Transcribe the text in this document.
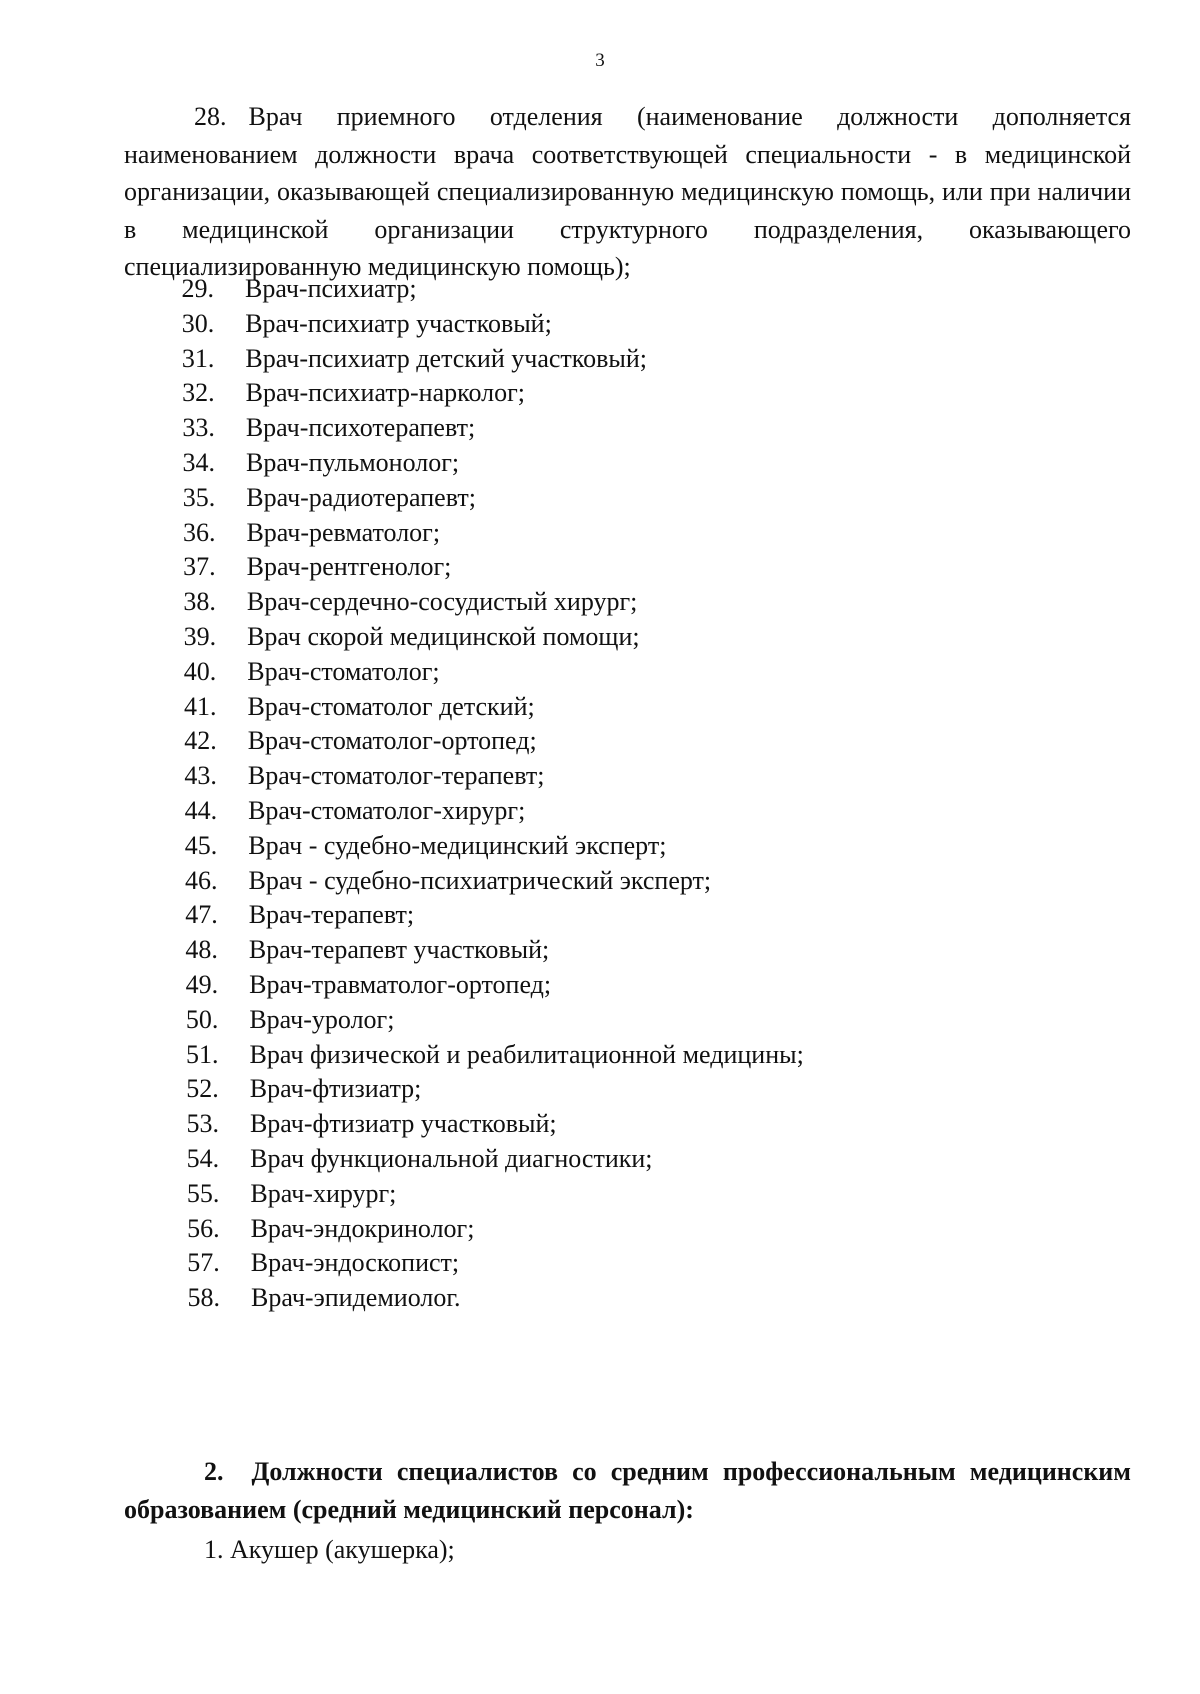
3

28. Врач приемного отделения (наименование должности дополняется наименованием должности врача соответствующей специальности - в медицинской организации, оказывающей специализированную медицинскую помощь, или при наличии в медицинской организации структурного подразделения, оказывающего специализированную медицинскую помощь);

29. Врач-психиатр;
30. Врач-психиатр участковый;
31. Врач-психиатр детский участковый;
32. Врач-психиатр-нарколог;
33. Врач-психотерапевт;
34. Врач-пульмонолог;
35. Врач-радиотерапевт;
36. Врач-ревматолог;
37. Врач-рентгенолог;
38. Врач-сердечно-сосудистый хирург;
39. Врач скорой медицинской помощи;
40. Врач-стоматолог;
41. Врач-стоматолог детский;
42. Врач-стоматолог-ортопед;
43. Врач-стоматолог-терапевт;
44. Врач-стоматолог-хирург;
45. Врач - судебно-медицинский эксперт;
46. Врач - судебно-психиатрический эксперт;
47. Врач-терапевт;
48. Врач-терапевт участковый;
49. Врач-травматолог-ортопед;
50. Врач-уролог;
51. Врач физической и реабилитационной медицины;
52. Врач-фтизиатр;
53. Врач-фтизиатр участковый;
54. Врач функциональной диагностики;
55. Врач-хирург;
56. Врач-эндокринолог;
57. Врач-эндоскопист;
58. Врач-эпидемиолог.

2. Должности специалистов со средним профессиональным медицинским образованием (средний медицинский персонал):

1. Акушер (акушерка);
